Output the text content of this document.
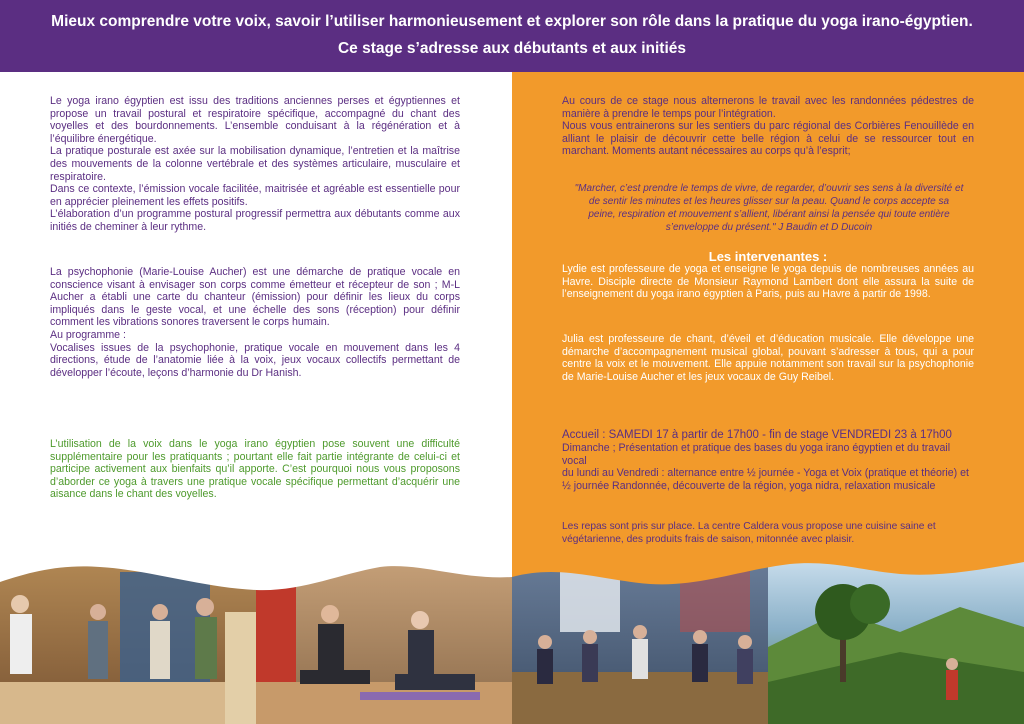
Mieux comprendre votre voix, savoir l’utiliser harmonieusement et explorer son rôle dans la pratique du yoga irano-égyptien.
Ce stage s’adresse aux débutants et aux initiés

Le yoga irano égyptien est issu des traditions anciennes perses et égyptiennes et propose un travail postural et respiratoire spécifique, accompagné du chant des voyelles et des bourdonnements. L’ensemble conduisant à la régénération et à l’équilibre énergétique.

La pratique posturale est axée sur la mobilisation dynamique, l’entretien et la maîtrise des mouvements de la colonne vertébrale et des systèmes articulaire, musculaire et respiratoire.

Dans ce contexte, l’émission vocale facilitée, maitrisée et agréable est essentielle pour en apprécier pleinement les effets positifs.

L’élaboration d’un programme postural progressif permettra aux débutants comme aux initiés de cheminer à leur rythme.

La psychophonie (Marie-Louise Aucher) est une démarche de pratique vocale en conscience visant à envisager son corps comme émetteur et récepteur de son ; M-L Aucher a établi une carte du chanteur (émission) pour définir les lieux du corps impliqués dans le geste vocal, et une échelle des sons (réception) pour définir comment les vibrations sonores traversent le corps humain.

Au programme :

Vocalises issues de la psychophonie, pratique vocale en mouvement dans les 4 directions, étude de l’anatomie liée à la voix, jeux vocaux collectifs permettant de développer l’écoute, leçons d’harmonie du Dr Hanish.

L’utilisation de la voix dans le yoga irano égyptien pose souvent une difficulté supplémentaire pour les pratiquants ; pourtant elle fait partie intégrante de celui-ci et participe activement aux bienfaits qu’il apporte. C’est pourquoi nous vous proposons d’aborder ce yoga à travers une pratique vocale spécifique permettant d’acquérir une aisance dans le chant des voyelles.

Au cours de ce stage nous alternerons le travail avec les randonnées pédestres de manière à prendre le temps pour l’intégration.

Nous vous entrainerons sur les sentiers du parc régional des Corbières Fenouillède en alliant le plaisir de découvrir cette belle région à celui de se ressourcer tout en marchant. Moments autant nécessaires au corps qu’à l’esprit;

"Marcher, c’est prendre le temps de vivre, de regarder, d’ouvrir ses sens à la diversité et de sentir les minutes et les heures glisser sur la peau. Quand le corps accepte sa peine, respiration et mouvement s’allient, libérant ainsi la pensée qui toute entière s’enveloppe du présent." J Baudin et D Ducoin
Les intervenantes :

Lydie est professeure de yoga et enseigne le yoga depuis de nombreuses années au Havre. Disciple directe de Monsieur Raymond Lambert dont elle assura la suite de l’enseignement du yoga irano égyptien à Paris, puis au Havre à partir de 1998.

Julia est professeure de chant, d’éveil et d’éducation musicale. Elle développe une démarche d’accompagnement musical global, pouvant s’adresser à tous, qui a pour centre la voix et le mouvement. Elle appuie notamment son travail sur la psychophonie de Marie-Louise Aucher et les jeux vocaux de Guy Reibel.

Accueil : SAMEDI 17 à partir de 17h00 - fin de stage VENDREDI 23 à 17h00

Dimanche ; Présentation et pratique des bases du yoga irano égyptien et du travail vocal

du lundi au Vendredi : alternance entre ½ journée - Yoga et Voix (pratique et théorie) et ½ journée Randonnée, découverte de la région, yoga nidra, relaxation musicale

Les repas sont pris sur place. La centre Caldera vous propose une cuisine saine et végétarienne, des produits frais de saison, mitonnée avec plaisir.
